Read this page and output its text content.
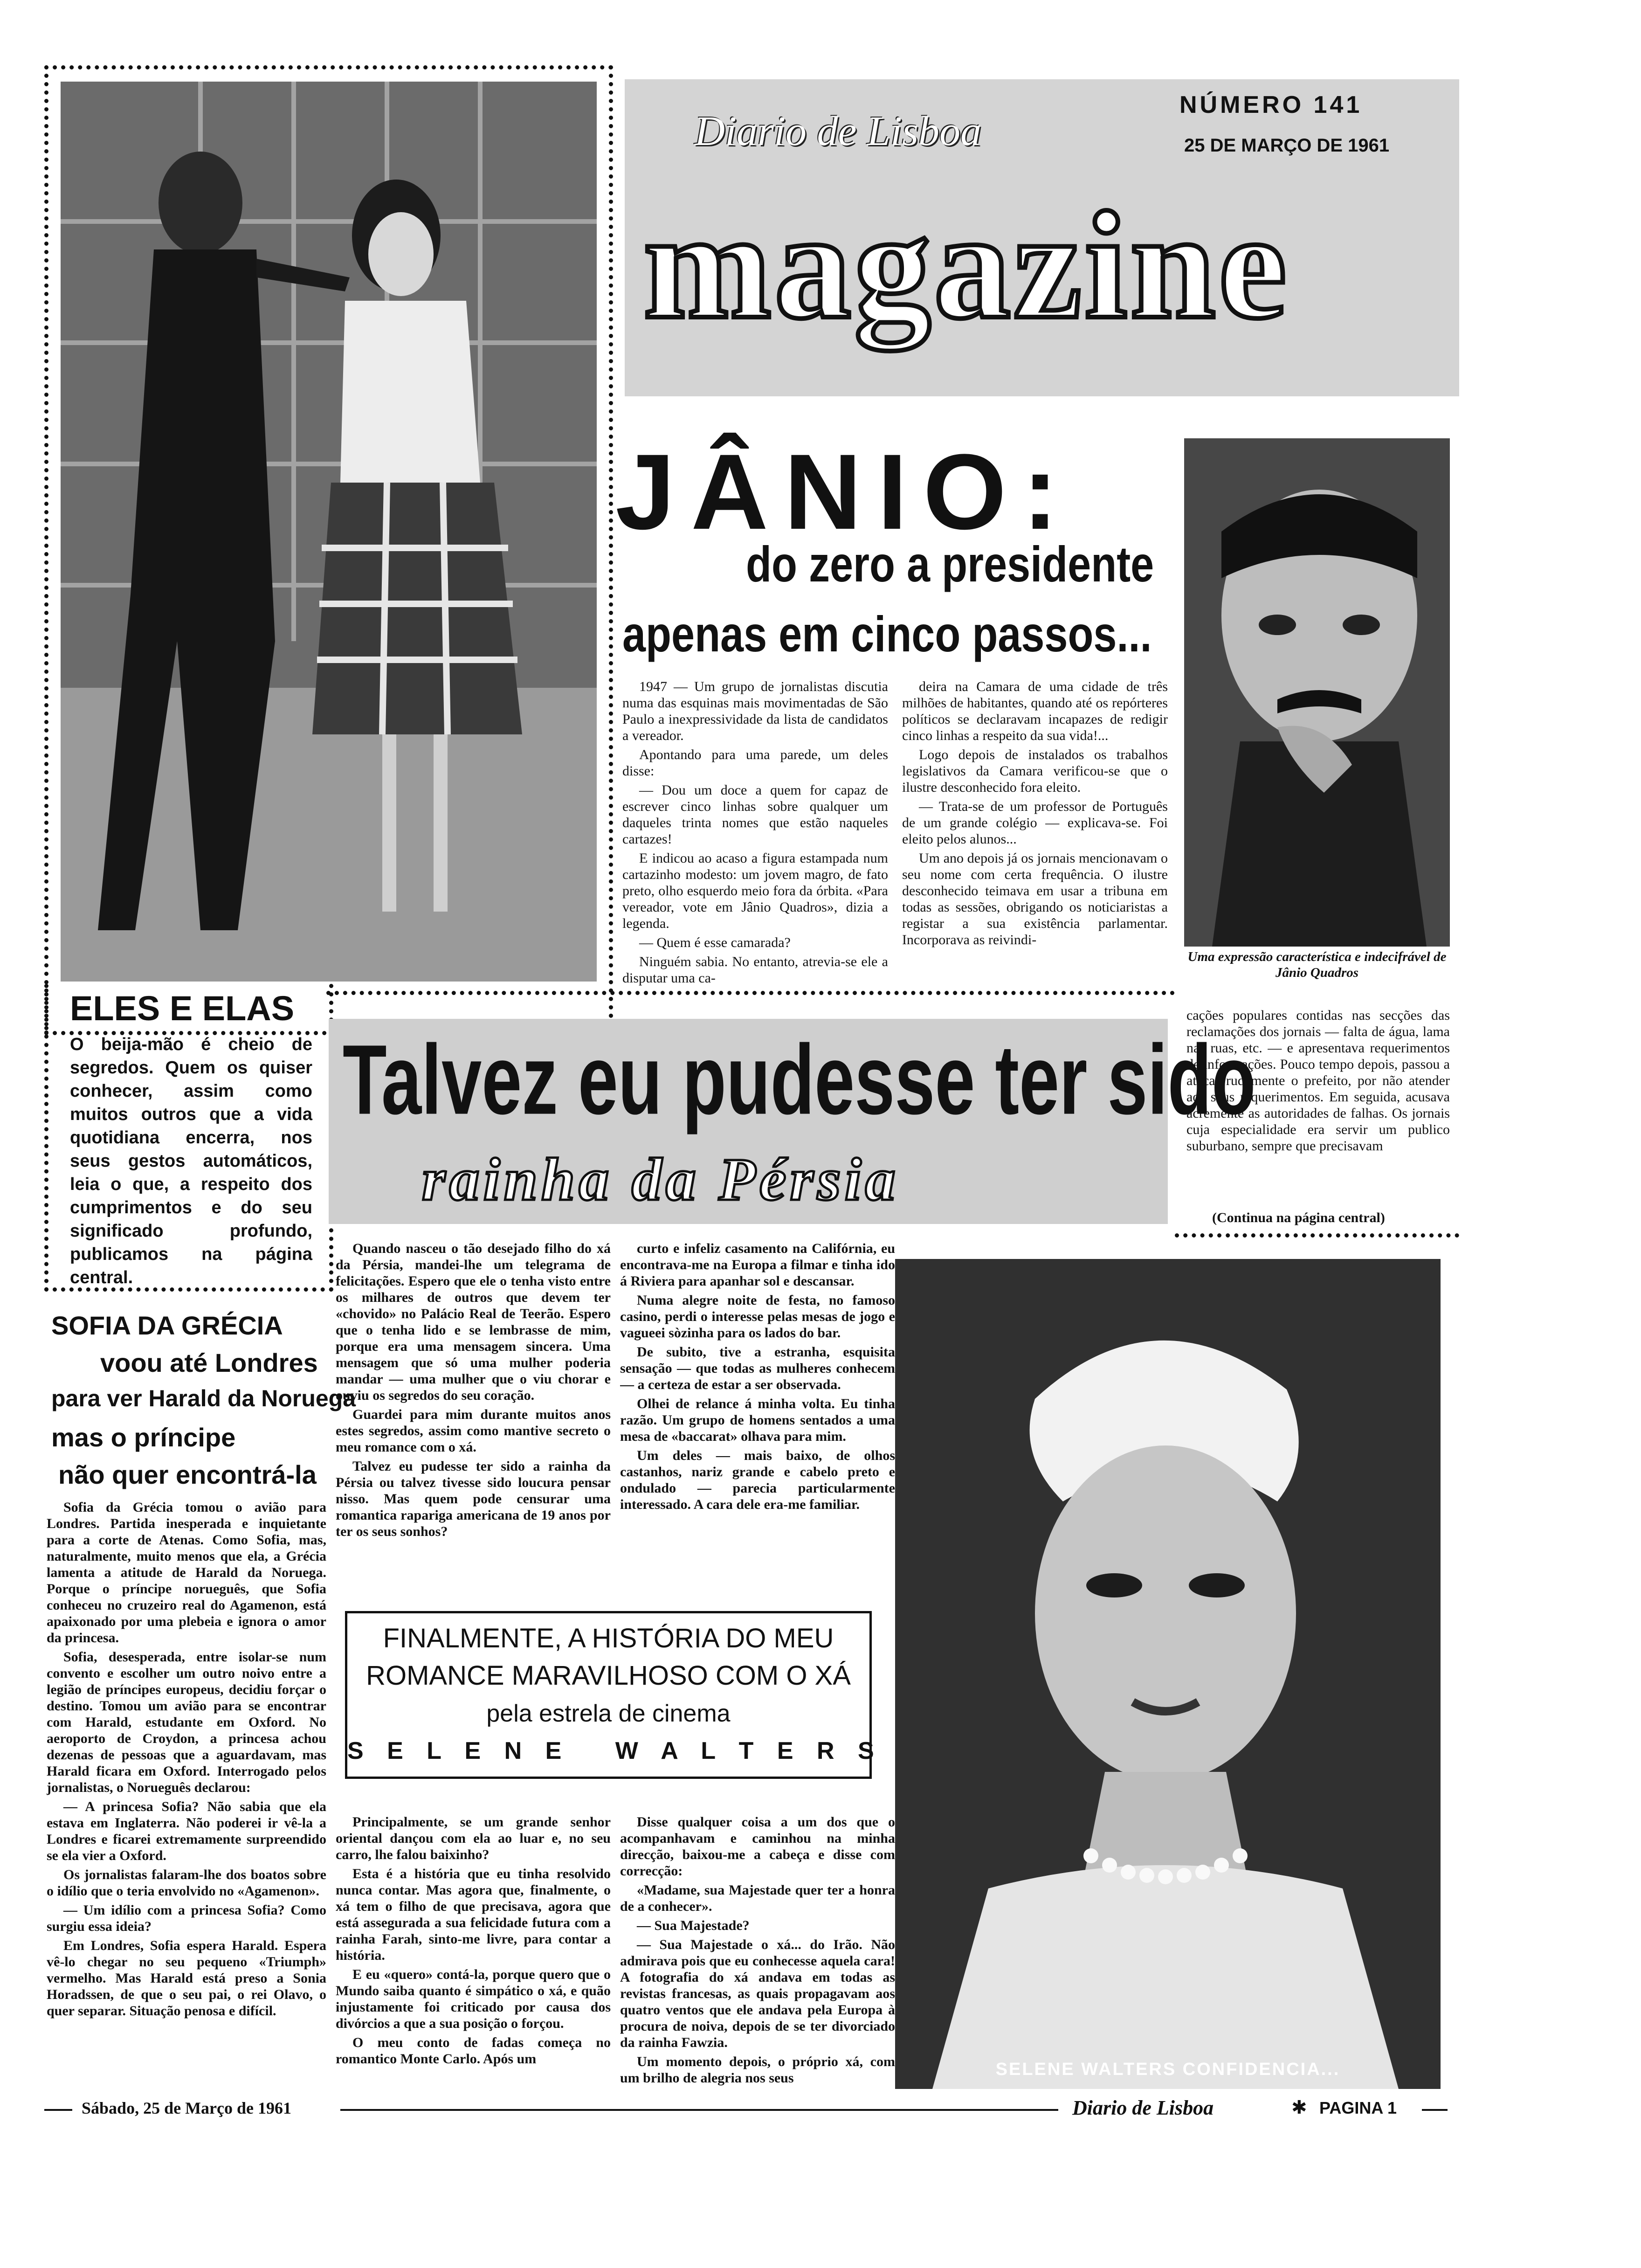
ELES E ELAS
O beija-mão é cheio de segredos. Quem os quiser conhecer, assim como muitos outros que a vida quotidiana encerra, nos seus gestos automáticos, leia o que, a respeito dos cumprimentos e do seu significado profundo, publicamos na página central.
SOFIA DA GRÉCIA
voou até Londres
para ver Harald da Noruega
mas o príncipe
não quer encontrá-la

Sofia da Grécia tomou o avião para Londres. Partida inesperada e inquietante para a corte de Atenas. Como Sofia, mas, naturalmente, muito menos que ela, a Grécia lamenta a atitude de Harald da Noruega. Porque o príncipe norueguês, que Sofia conheceu no cruzeiro real do Agamenon, está apaixonado por uma plebeia e ignora o amor da princesa.

Sofia, desesperada, entre isolar-se num convento e escolher um outro noivo entre a legião de príncipes europeus, decidiu forçar o destino. Tomou um avião para se encontrar com Harald, estudante em Oxford. No aeroporto de Croydon, a princesa achou dezenas de pessoas que a aguardavam, mas Harald ficara em Oxford. Interrogado pelos jornalistas, o Norueguês declarou:

— A princesa Sofia? Não sabia que ela estava em Inglaterra. Não poderei ir vê-la a Londres e ficarei extremamente surpreendido se ela vier a Oxford.

Os jornalistas falaram-lhe dos boatos sobre o idílio que o teria envolvido no «Agamenon».

— Um idílio com a princesa Sofia? Como surgiu essa ideia?

Em Londres, Sofia espera Harald. Espera vê-lo chegar no seu pequeno «Triumph» vermelho. Mas Harald está preso a Sonia Horadssen, de que o seu pai, o rei Olavo, o quer separar. Situação penosa e difícil.

Diario de Lisboa
magazine
NÚMERO 141
25 DE MARÇO DE 1961
JÂNIO:
do zero a presidente
apenas em cinco passos...

1947 — Um grupo de jornalistas discutia numa das esquinas mais movimentadas de São Paulo a inexpressividade da lista de candidatos a vereador.

Apontando para uma parede, um deles disse:

— Dou um doce a quem for capaz de escrever cinco linhas sobre qualquer um daqueles trinta nomes que estão naqueles cartazes!

E indicou ao acaso a figura estampada num cartazinho modesto: um jovem magro, de fato preto, olho esquerdo meio fora da órbita. «Para vereador, vote em Jânio Quadros», dizia a legenda.

— Quem é esse camarada?

Ninguém sabia. No entanto, atrevia-se ele a disputar uma ca-

deira na Camara de uma cidade de três milhões de habitantes, quando até os repórteres políticos se declaravam incapazes de redigir cinco linhas a respeito da sua vida!...

Logo depois de instalados os trabalhos legislativos da Camara verificou-se que o ilustre desconhecido fora eleito.

— Trata-se de um professor de Português de um grande colégio — explicava-se. Foi eleito pelos alunos...

Um ano depois já os jornais mencionavam o seu nome com certa frequência. O ilustre desconhecido teimava em usar a tribuna em todas as sessões, obrigando os noticiaristas a registar a sua existência parlamentar. Incorporava as reivindi-

Uma expressão característica e indecifrável de Jânio Quadros

cações populares contidas nas secções das reclamações dos jornais — falta de água, lama nas ruas, etc. — e apresentava requerimentos de informações. Pouco tempo depois, passou a atacar rudemente o prefeito, por não atender aos seus requerimentos. Em seguida, acusava acremente as autoridades de falhas. Os jornais cuja especialidade era servir um publico suburbano, sempre que precisavam

(Continua na página central)
Talvez eu pudesse ter sido
rainha da Pérsia

Quando nasceu o tão desejado filho do xá da Pérsia, mandei-lhe um telegrama de felicitações. Espero que ele o tenha visto entre os milhares de outros que devem ter «chovido» no Palácio Real de Teerão. Espero que o tenha lido e se lembrasse de mim, porque era uma mensagem sincera. Uma mensagem que só uma mulher poderia mandar — uma mulher que o viu chorar e ouviu os segredos do seu coração.

Guardei para mim durante muitos anos estes segredos, assim como mantive secreto o meu romance com o xá.

Talvez eu pudesse ter sido a rainha da Pérsia ou talvez tivesse sido loucura pensar nisso. Mas quem pode censurar uma romantica rapariga americana de 19 anos por ter os seus sonhos?

curto e infeliz casamento na Califórnia, eu encontrava-me na Europa a filmar e tinha ido á Riviera para apanhar sol e descansar.

Numa alegre noite de festa, no famoso casino, perdi o interesse pelas mesas de jogo e vagueei sòzinha para os lados do bar.

De subito, tive a estranha, esquisita sensação — que todas as mulheres conhecem — a certeza de estar a ser observada.

Olhei de relance á minha volta. Eu tinha razão. Um grupo de homens sentados a uma mesa de «baccarat» olhava para mim.

Um deles — mais baixo, de olhos castanhos, nariz grande e cabelo preto e ondulado — parecia particularmente interessado. A cara dele era-me familiar.

FINALMENTE, A HISTÓRIA DO MEU
ROMANCE MARAVILHOSO COM O XÁ
pela estrela de cinema
S E L E N E   W A L T E R S

Principalmente, se um grande senhor oriental dançou com ela ao luar e, no seu carro, lhe falou baixinho?

Esta é a história que eu tinha resolvido nunca contar. Mas agora que, finalmente, o xá tem o filho de que precisava, agora que está assegurada a sua felicidade futura com a rainha Farah, sinto-me livre, para contar a história.

E eu «quero» contá-la, porque quero que o Mundo saiba quanto é simpático o xá, e quão injustamente foi criticado por causa dos divórcios a que a sua posição o forçou.

O meu conto de fadas começa no romantico Monte Carlo. Após um

Disse qualquer coisa a um dos que o acompanhavam e caminhou na minha direcção, baixou-me a cabeça e disse com correcção:

«Madame, sua Majestade quer ter a honra de a conhecer».

— Sua Majestade?

— Sua Majestade o xá... do Irão. Não admirava pois que eu conhecesse aquela cara! A fotografia do xá andava em todas as revistas francesas, as quais propagavam aos quatro ventos que ele andava pela Europa à procura de noiva, depois de se ter divorciado da rainha Fawzia.

Um momento depois, o próprio xá, com um brilho de alegria nos seus	SELENE WALTERS CONFIDENCIA...
Sábado, 25 de Março de 1961	Diario de Lisboa	✱ PAGINA 1
